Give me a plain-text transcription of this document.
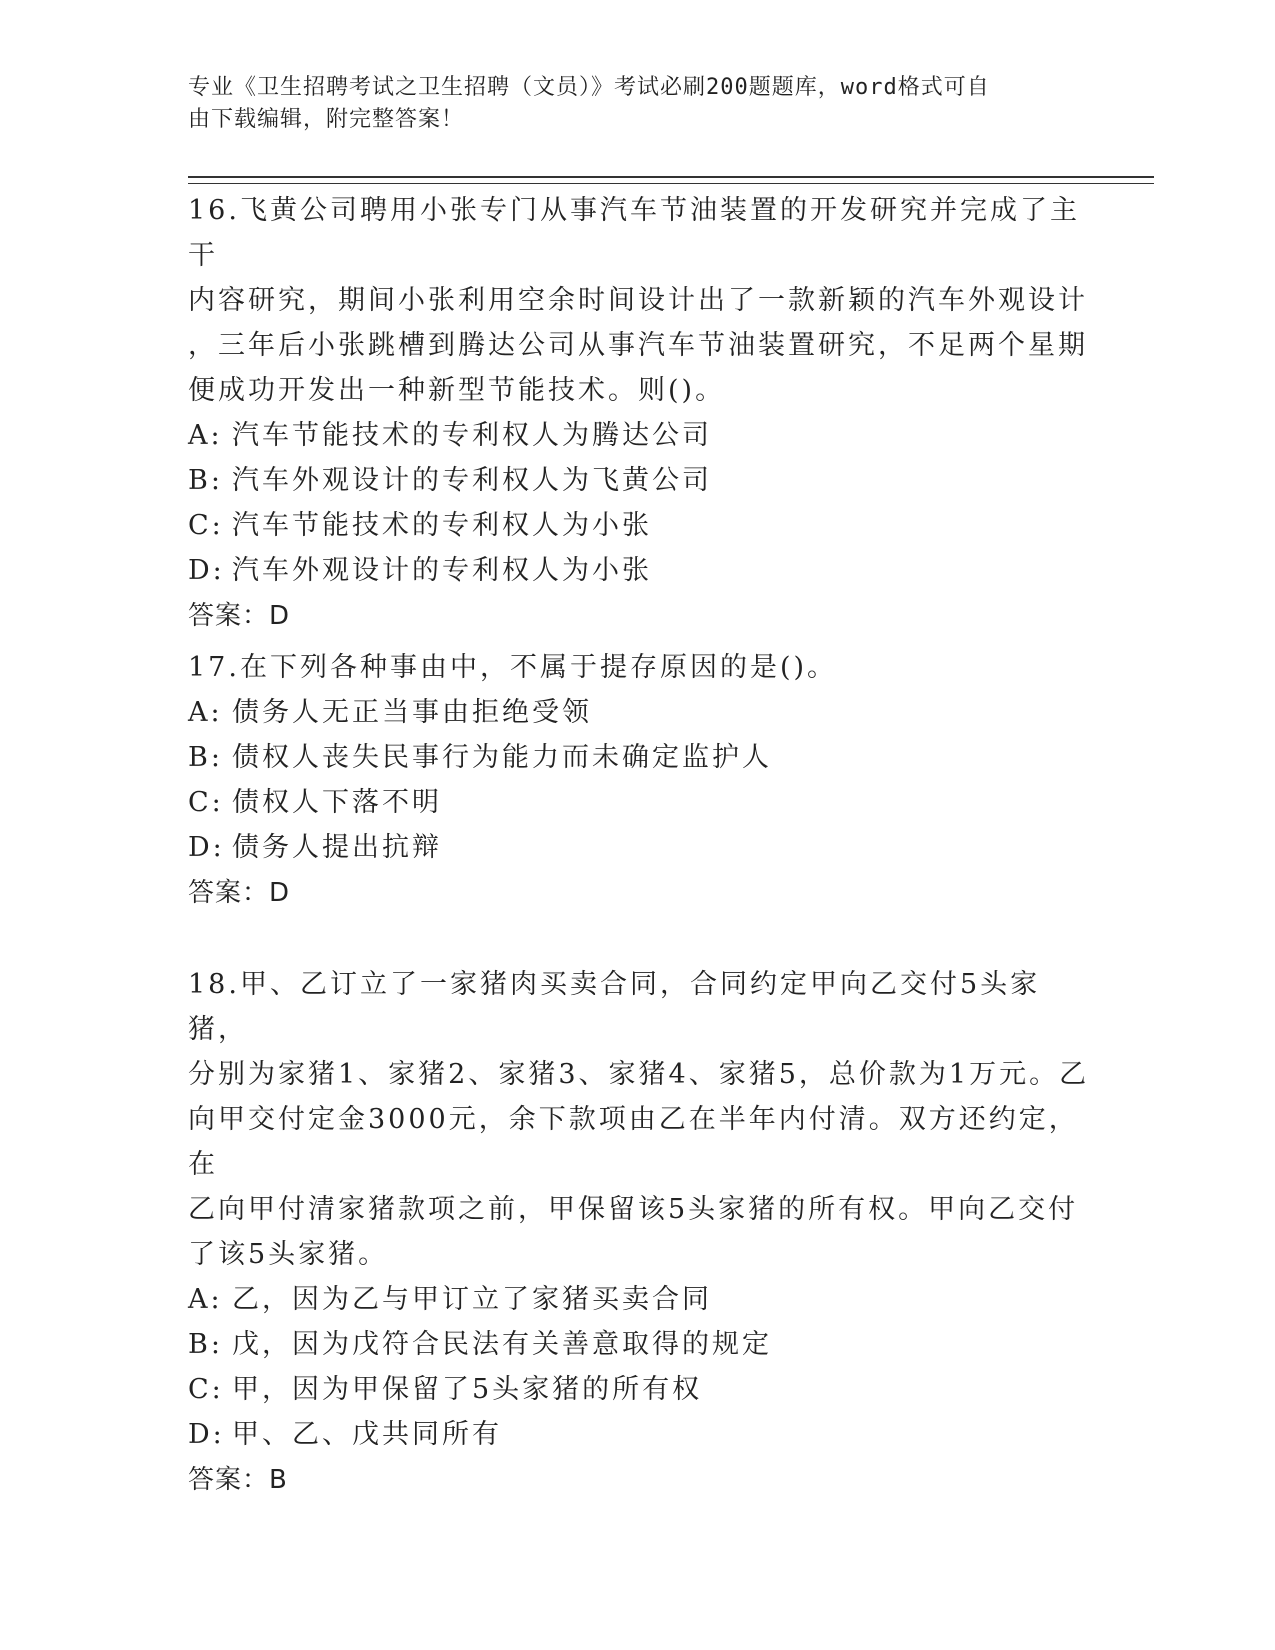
专业《卫生招聘考试之卫生招聘（文员）》考试必刷200题题库，word格式可自
由下载编辑，附完整答案！

16.飞黄公司聘用小张专门从事汽车节油装置的开发研究并完成了主干

内容研究，期间小张利用空余时间设计出了一款新颖的汽车外观设计

，三年后小张跳槽到腾达公司从事汽车节油装置研究，不足两个星期

便成功开发出一种新型节能技术。则()。

A: 汽车节能技术的专利权人为腾达公司

B: 汽车外观设计的专利权人为飞黄公司

C: 汽车节能技术的专利权人为小张

D: 汽车外观设计的专利权人为小张

答案：D

17.在下列各种事由中，不属于提存原因的是()。

A: 债务人无正当事由拒绝受领

B: 债权人丧失民事行为能力而未确定监护人

C: 债权人下落不明

D: 债务人提出抗辩

答案：D

18.甲、乙订立了一家猪肉买卖合同，合同约定甲向乙交付5头家猪，

分别为家猪1、家猪2、家猪3、家猪4、家猪5，总价款为1万元。乙

向甲交付定金3000元，余下款项由乙在半年内付清。双方还约定，在

乙向甲付清家猪款项之前，甲保留该5头家猪的所有权。甲向乙交付

了该5头家猪。

A: 乙，因为乙与甲订立了家猪买卖合同

B: 戊，因为戊符合民法有关善意取得的规定

C: 甲，因为甲保留了5头家猪的所有权

D: 甲、乙、戊共同所有

答案：B
